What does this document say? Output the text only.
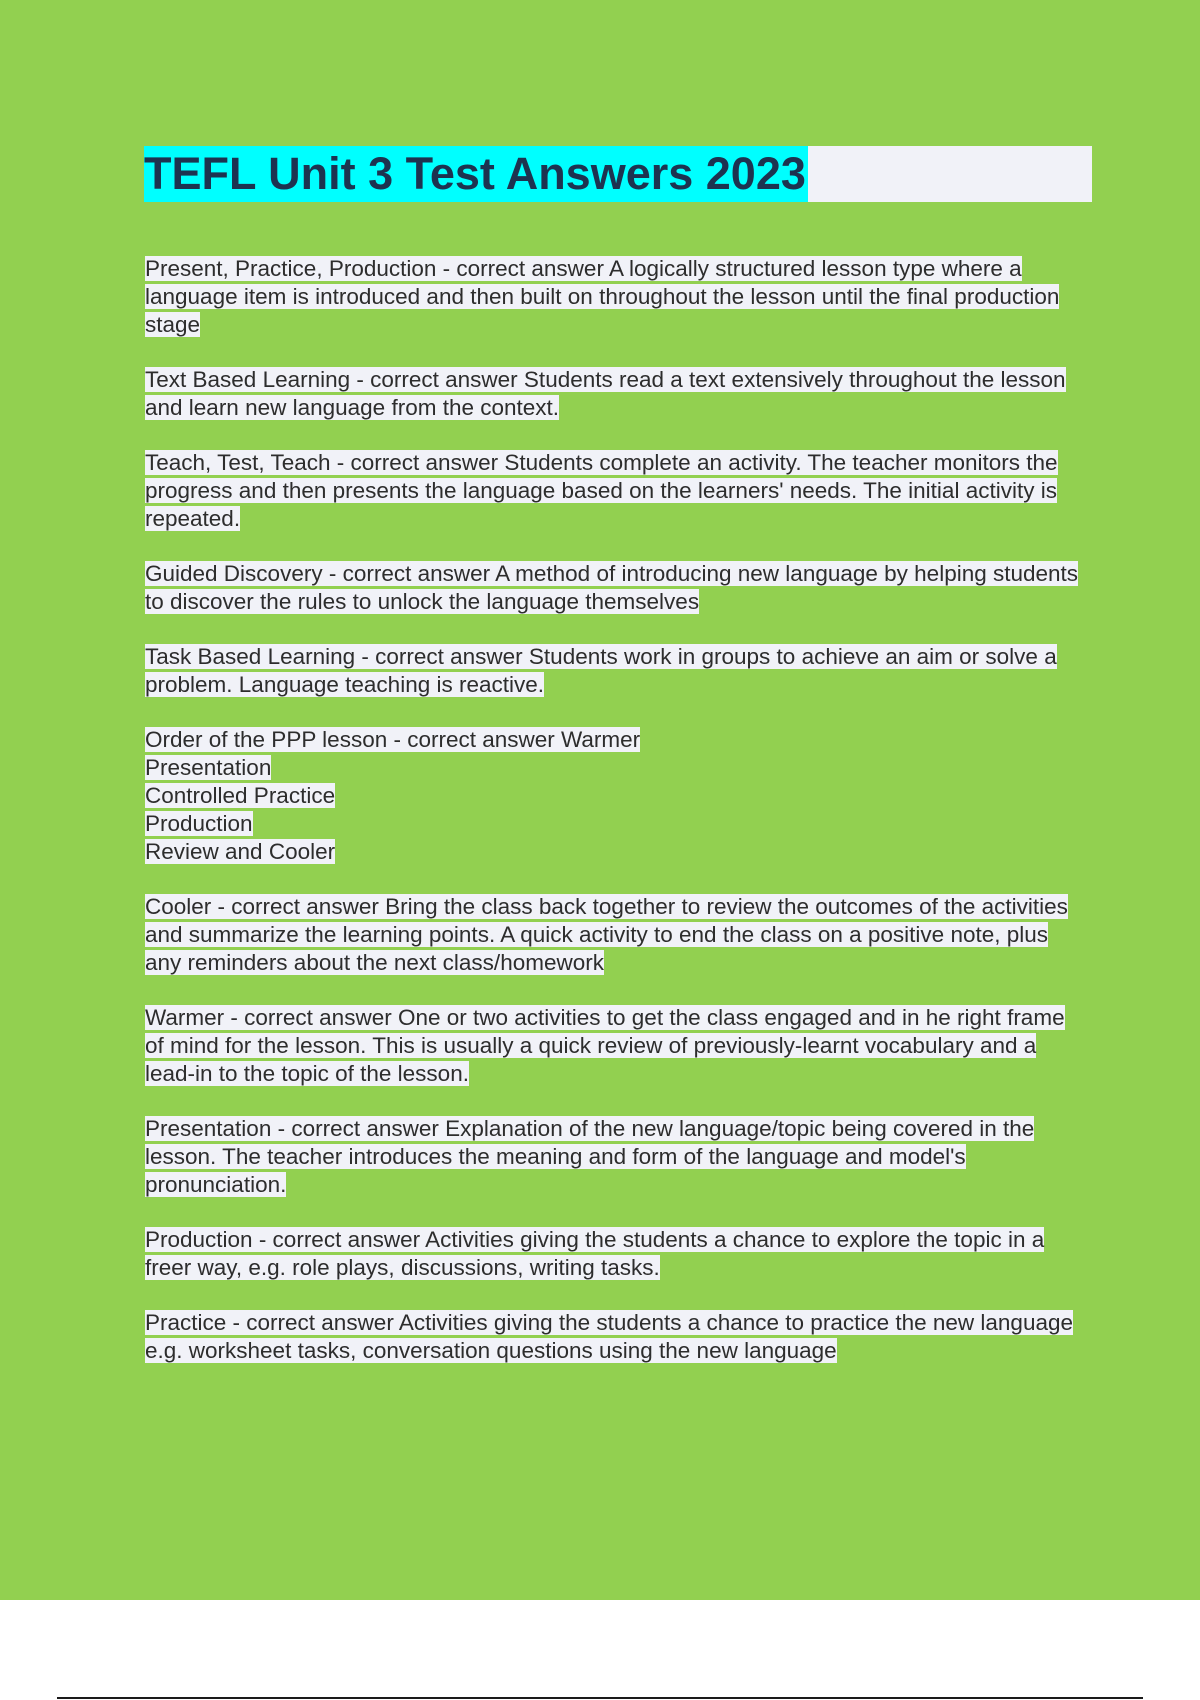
TEFL Unit 3 Test Answers 2023

Present, Practice, Production - correct answer A logically structured lesson type where a language item is introduced and then built on throughout the lesson until the final production stage

Text Based Learning - correct answer Students read a text extensively throughout the lesson and learn new language from the context.

Teach, Test, Teach - correct answer Students complete an activity. The teacher monitors the progress and then presents the language based on the learners' needs. The initial activity is repeated.

Guided Discovery - correct answer A method of introducing new language by helping students to discover the rules to unlock the language themselves

Task Based Learning - correct answer Students work in groups to achieve an aim or solve a problem. Language teaching is reactive.

Order of the PPP lesson - correct answer Warmer
Presentation
Controlled Practice
Production
Review and Cooler

Cooler - correct answer Bring the class back together to review the outcomes of the activities and summarize the learning points. A quick activity to end the class on a positive note, plus any reminders about the next class/homework

Warmer - correct answer One or two activities to get the class engaged and in he right frame of mind for the lesson. This is usually a quick review of previously-learnt vocabulary and a lead-in to the topic of the lesson.

Presentation - correct answer Explanation of the new language/topic being covered in the lesson. The teacher introduces the meaning and form of the language and model's pronunciation.

Production - correct answer Activities giving the students a chance to explore the topic in a freer way, e.g. role plays, discussions, writing tasks.

Practice - correct answer Activities giving the students a chance to practice the new language e.g. worksheet tasks, conversation questions using the new language
